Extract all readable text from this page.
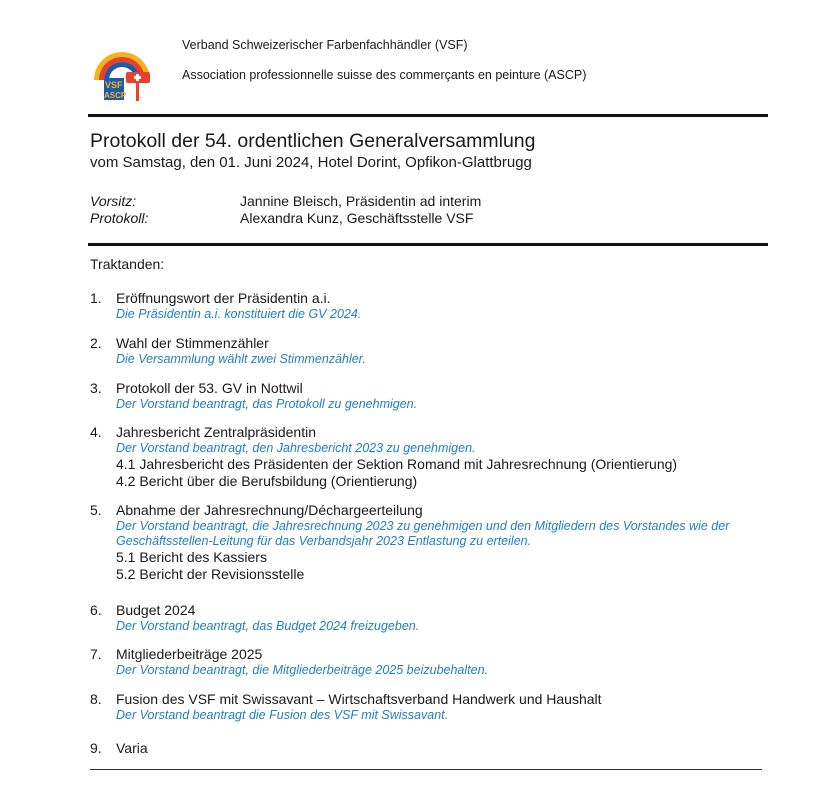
VSF
ASCP
Verband Schweizerischer Farbenfachhändler (VSF)
Association professionnelle suisse des commerçants en peinture (ASCP)
Protokoll der 54. ordentlichen Generalversammlung
vom Samstag, den 01. Juni 2024, Hotel Dorint, Opfikon-Glattbrugg
Vorsitz:	Jannine Bleisch, Präsidentin ad interim
Protokoll:	Alexandra Kunz, Geschäftsstelle VSF
Traktanden:
1.	Eröffnungswort der Präsidentin a.i.
Die Präsidentin a.i. konstituiert die GV 2024.
2.	Wahl der Stimmenzähler
Die Versammlung wählt zwei Stimmenzähler.
3.	Protokoll der 53. GV in Nottwil
Der Vorstand beantragt, das Protokoll zu genehmigen.
4.	Jahresbericht Zentralpräsidentin
Der Vorstand beantragt, den Jahresbericht 2023 zu genehmigen.
4.1 Jahresbericht des Präsidenten der Sektion Romand mit Jahresrechnung (Orientierung)
4.2 Bericht über die Berufsbildung (Orientierung)
5.	Abnahme der Jahresrechnung/Déchargeerteilung
Der Vorstand beantragt, die Jahresrechnung 2023 zu genehmigen und den Mitgliedern des Vorstandes wie der Geschäftsstellen-Leitung für das Verbandsjahr 2023 Entlastung zu erteilen.
5.1 Bericht des Kassiers
5.2 Bericht der Revisionsstelle
6.	Budget 2024
Der Vorstand beantragt, das Budget 2024 freizugeben.
7.	Mitgliederbeiträge 2025
Der Vorstand beantragt, die Mitgliederbeiträge 2025 beizubehalten.
8.	Fusion des VSF mit Swissavant – Wirtschaftsverband Handwerk und Haushalt
Der Vorstand beantragt die Fusion des VSF mit Swissavant.
9.	Varia
